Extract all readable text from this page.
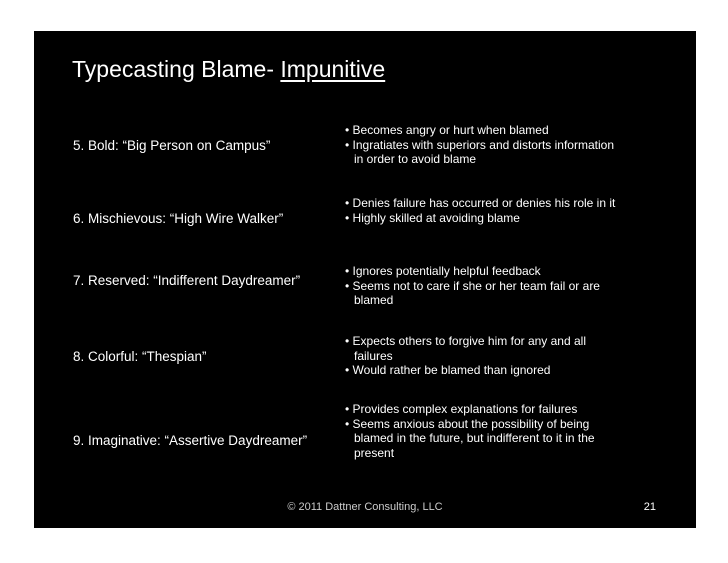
Typecasting Blame- Impunitive
5. Bold: “Big Person on Campus”
• Becomes angry or hurt when blamed
• Ingratiates with superiors and distorts information in order to avoid blame
6. Mischievous: “High Wire Walker”
• Denies failure has occurred or denies his role in it
• Highly skilled at avoiding blame
7. Reserved: “Indifferent Daydreamer”
• Ignores potentially helpful feedback
• Seems not to care if she or her team fail or are blamed
8. Colorful: “Thespian”
• Expects others to forgive him for any and all failures
• Would rather be blamed than ignored
9. Imaginative: “Assertive Daydreamer”
• Provides complex explanations for failures
• Seems anxious about the possibility of being blamed in the future, but indifferent to it in the present
© 2011 Dattner Consulting, LLC	21
